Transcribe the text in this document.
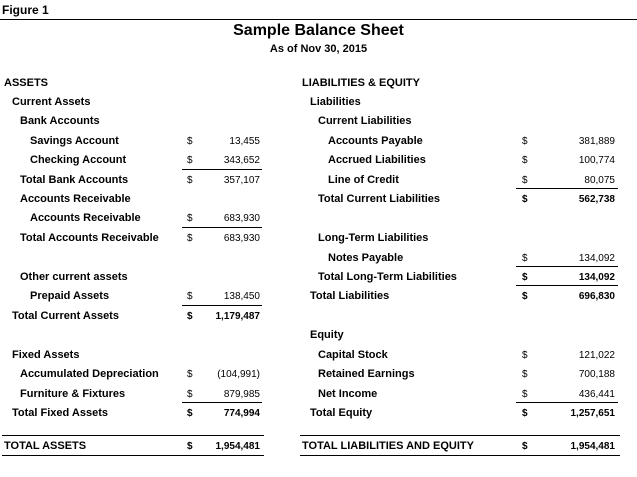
Figure 1
Sample Balance Sheet
As of Nov 30, 2015
ASSETS
Current Assets
Bank Accounts
Savings Account	$	13,455
Checking Account	$	343,652
Total Bank Accounts	$	357,107
Accounts Receivable
Accounts Receivable	$	683,930
Total Accounts Receivable	$	683,930
Other current assets
Prepaid Assets	$	138,450
Total Current Assets	$	1,179,487
Fixed Assets
Accumulated Depreciation	$	(104,991)
Furniture & Fixtures	$	879,985
Total Fixed Assets	$	774,994
TOTAL ASSETS	$	1,954,481
LIABILITIES & EQUITY
Liabilities
Current Liabilities
Accounts Payable	$	381,889
Accrued Liabilities	$	100,774
Line of Credit	$	80,075
Total Current Liabilities	$	562,738
Long-Term Liabilities
Notes Payable	$	134,092
Total Long-Term Liabilities	$	134,092
Total Liabilities	$	696,830
Equity
Capital Stock	$	121,022
Retained Earnings	$	700,188
Net Income	$	436,441
Total Equity	$	1,257,651
TOTAL LIABILITIES AND EQUITY	$	1,954,481
